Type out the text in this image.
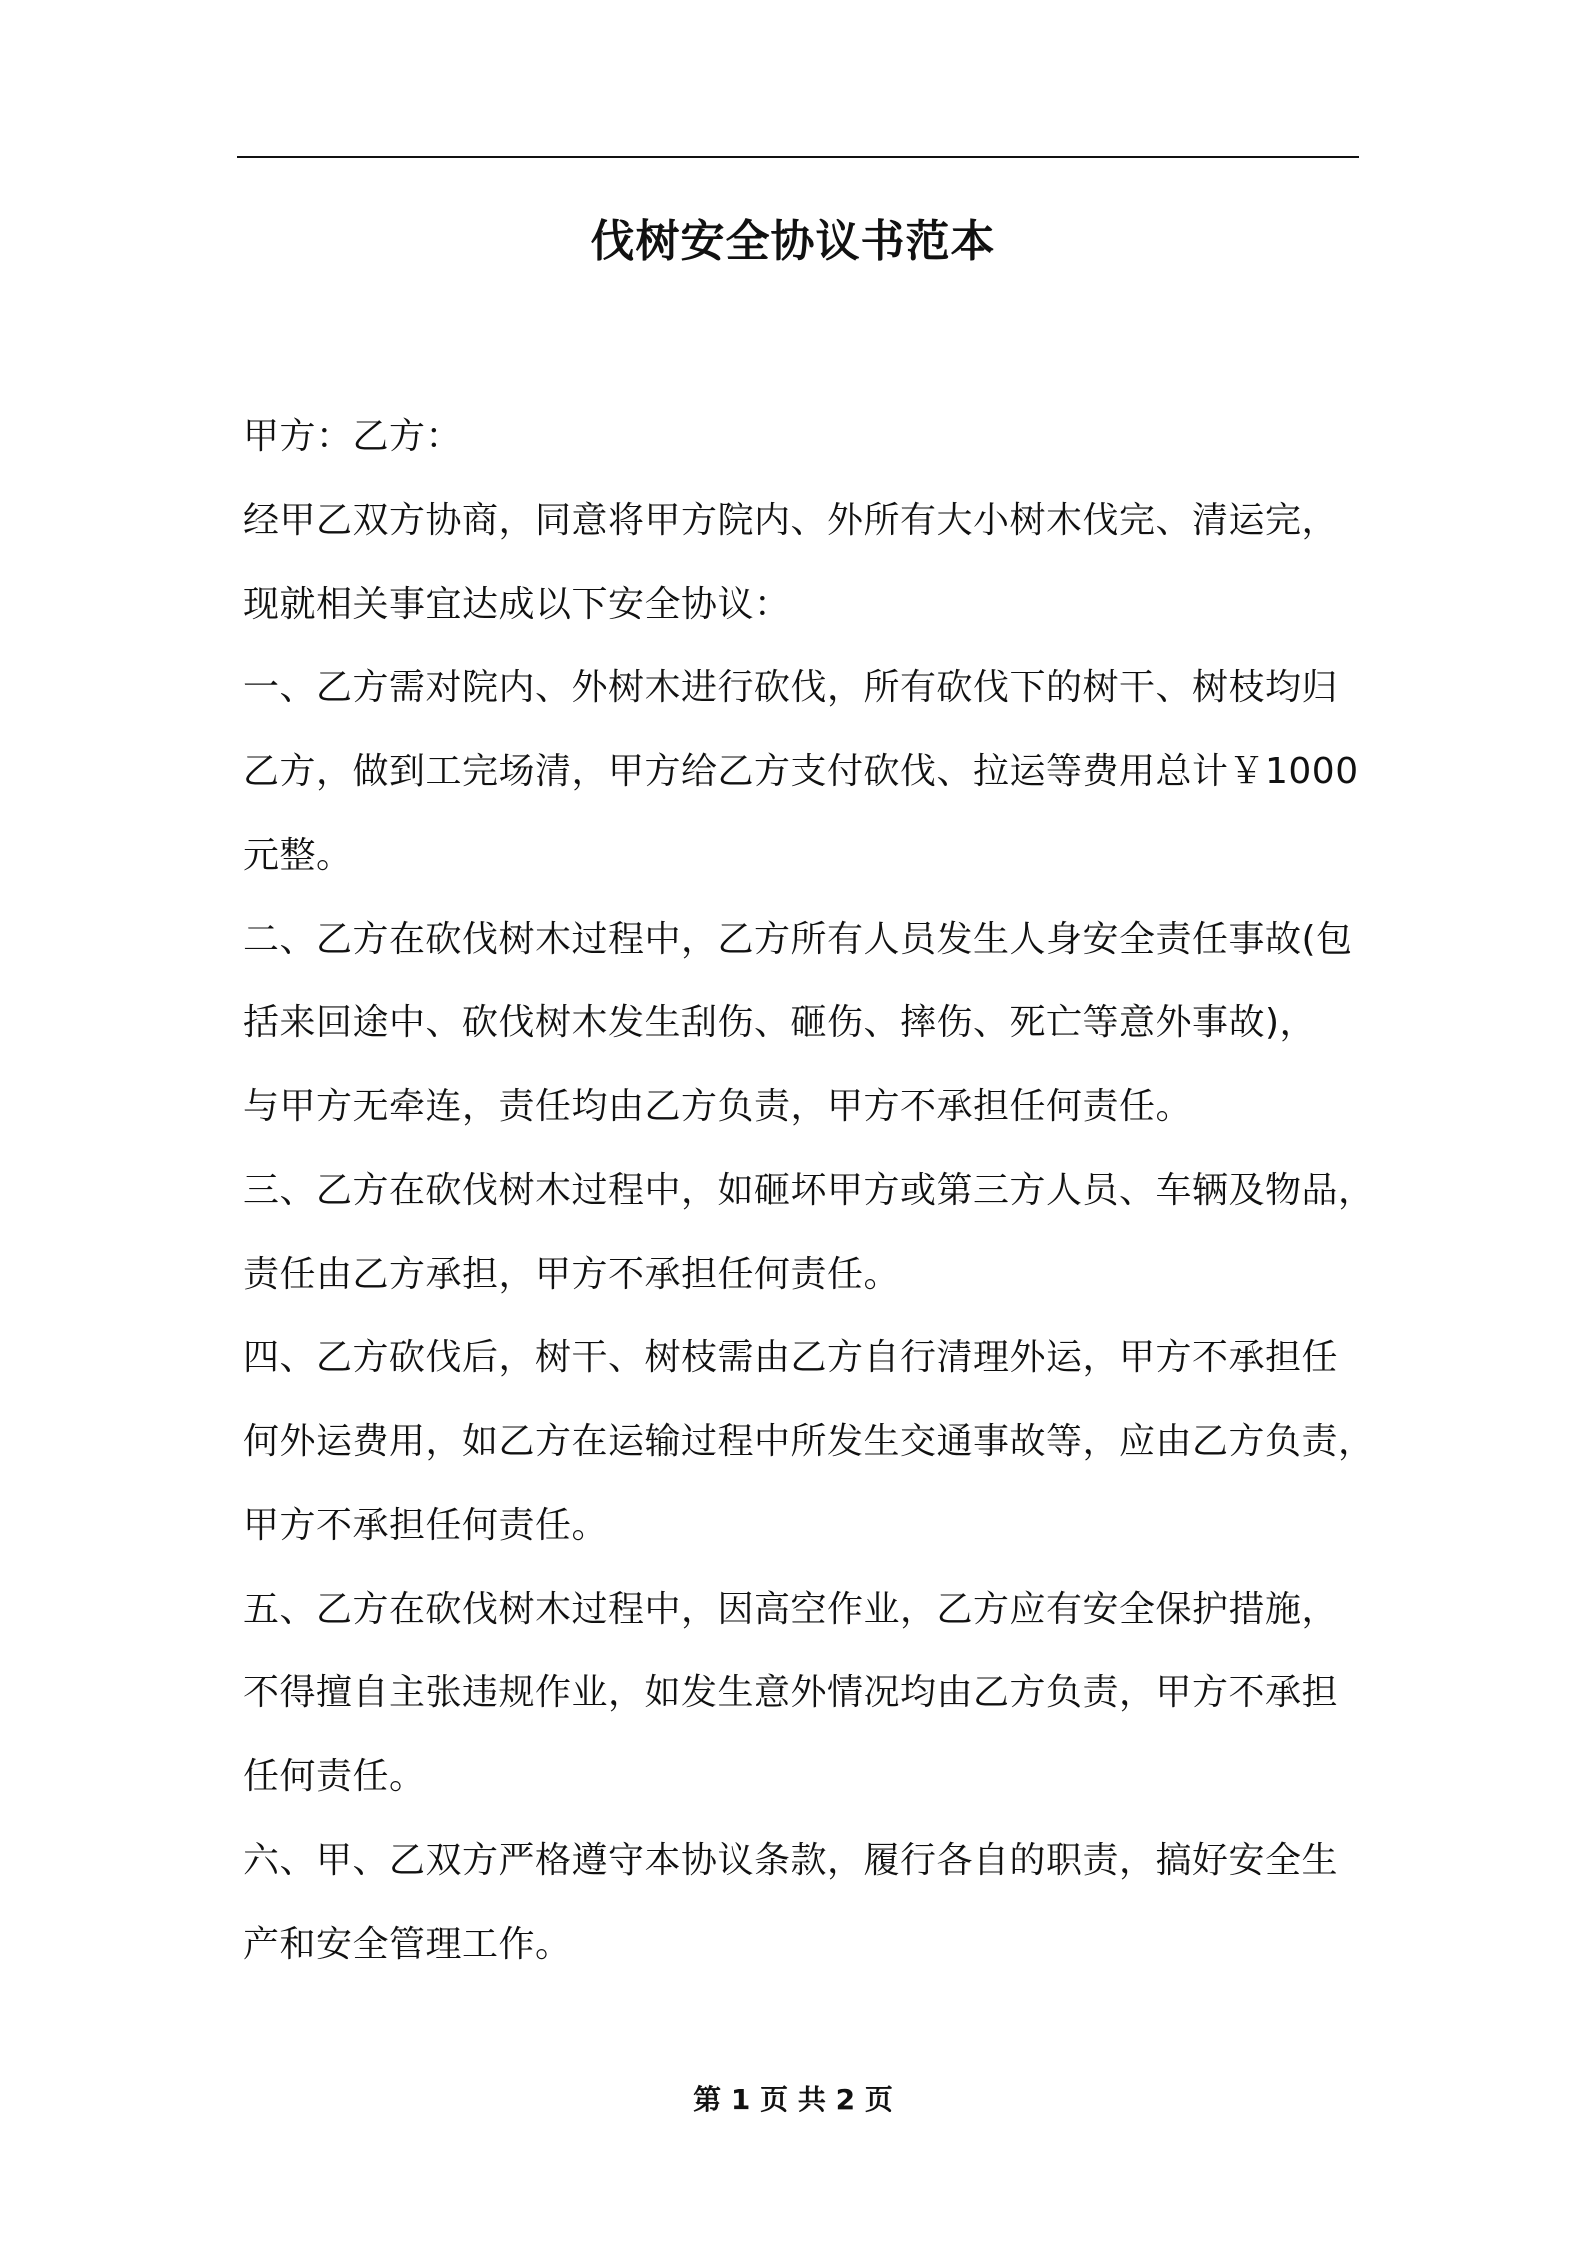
伐树安全协议书范本
甲方：乙方：
经甲乙双方协商，同意将甲方院内、外所有大小树木伐完、清运完，
现就相关事宜达成以下安全协议：
一、乙方需对院内、外树木进行砍伐，所有砍伐下的树干、树枝均归
乙方，做到工完场清，甲方给乙方支付砍伐、拉运等费用总计￥1000
元整。
二、乙方在砍伐树木过程中，乙方所有人员发生人身安全责任事故(包
括来回途中、砍伐树木发生刮伤、砸伤、摔伤、死亡等意外事故)，
与甲方无牵连，责任均由乙方负责，甲方不承担任何责任。
三、乙方在砍伐树木过程中，如砸坏甲方或第三方人员、车辆及物品，
责任由乙方承担，甲方不承担任何责任。
四、乙方砍伐后，树干、树枝需由乙方自行清理外运，甲方不承担任
何外运费用，如乙方在运输过程中所发生交通事故等，应由乙方负责，
甲方不承担任何责任。
五、乙方在砍伐树木过程中，因高空作业，乙方应有安全保护措施，
不得擅自主张违规作业，如发生意外情况均由乙方负责，甲方不承担
任何责任。
六、甲、乙双方严格遵守本协议条款，履行各自的职责，搞好安全生
产和安全管理工作。
第 1 页 共 2 页
